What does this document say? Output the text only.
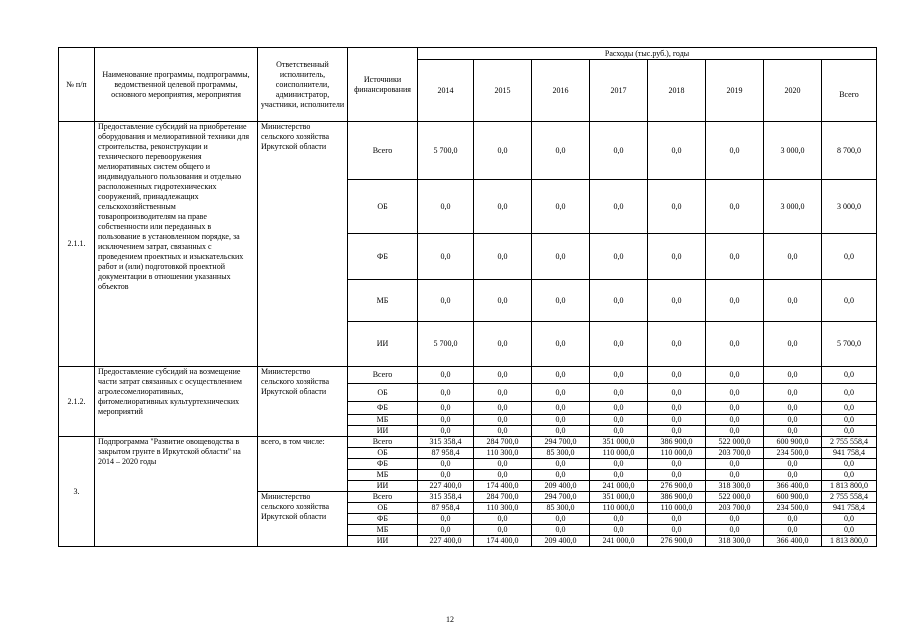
№ п/п	Наименование программы, подпрограммы, ведомственной целевой программы, основного мероприятия, мероприятия	Ответственный исполнитель, соисполнители, администратор, участники, исполнители	Источники финансирования	Расходы (тыс.руб.), годы							
				2014	2015	2016	2017	2018	2019	2020	Всего
2.1.1.	Предоставление субсидий на приобретение оборудования и мелиоративной техники для строительства, реконструкции и технического перевооружения мелиоративных систем общего и индивидуального пользования и отдельно расположенных гидротехнических сооружений, принадлежащих сельскохозяйственным товаропроизводителям на праве собственности или переданных в пользование в установленном порядке, за исключением затрат, связанных с проведением проектных и изыскательских работ и (или) подготовкой проектной документации в отношении указанных объектов	Министерство сельского хозяйства Иркутской области	Всего	5 700,0	0,0	0,0	0,0	0,0	0,0	3 000,0	8 700,0
			ОБ	0,0	0,0	0,0	0,0	0,0	0,0	3 000,0	3 000,0
			ФБ	0,0	0,0	0,0	0,0	0,0	0,0	0,0	0,0
			МБ	0,0	0,0	0,0	0,0	0,0	0,0	0,0	0,0
			ИИ	5 700,0	0,0	0,0	0,0	0,0	0,0	0,0	5 700,0
2.1.2.	Предоставление субсидий на возмещение части затрат связанных с осуществлением агролесомелиоративных, фитомелиоративных культуртехнических мероприятий	Министерство сельского хозяйства Иркутской области	Всего	0,0	0,0	0,0	0,0	0,0	0,0	0,0	0,0
			ОБ	0,0	0,0	0,0	0,0	0,0	0,0	0,0	0,0
			ФБ	0,0	0,0	0,0	0,0	0,0	0,0	0,0	0,0
			МБ	0,0	0,0	0,0	0,0	0,0	0,0	0,0	0,0
			ИИ	0,0	0,0	0,0	0,0	0,0	0,0	0,0	0,0
3.	Подпрограмма "Развитие овощеводства в закрытом грунте в Иркутской области" на 2014 – 2020 годы	всего, в том числе:	Всего	315 358,4	284 700,0	294 700,0	351 000,0	386 900,0	522 000,0	600 900,0	2 755 558,4
			ОБ	87 958,4	110 300,0	85 300,0	110 000,0	110 000,0	203 700,0	234 500,0	941 758,4
			ФБ	0,0	0,0	0,0	0,0	0,0	0,0	0,0	0,0
			МБ	0,0	0,0	0,0	0,0	0,0	0,0	0,0	0,0
			ИИ	227 400,0	174 400,0	209 400,0	241 000,0	276 900,0	318 300,0	366 400,0	1 813 800,0
		Министерство сельского хозяйства Иркутской области	Всего	315 358,4	284 700,0	294 700,0	351 000,0	386 900,0	522 000,0	600 900,0	2 755 558,4
			ОБ	87 958,4	110 300,0	85 300,0	110 000,0	110 000,0	203 700,0	234 500,0	941 758,4
			ФБ	0,0	0,0	0,0	0,0	0,0	0,0	0,0	0,0
			МБ	0,0	0,0	0,0	0,0	0,0	0,0	0,0	0,0
			ИИ	227 400,0	174 400,0	209 400,0	241 000,0	276 900,0	318 300,0	366 400,0	1 813 800,0
12
